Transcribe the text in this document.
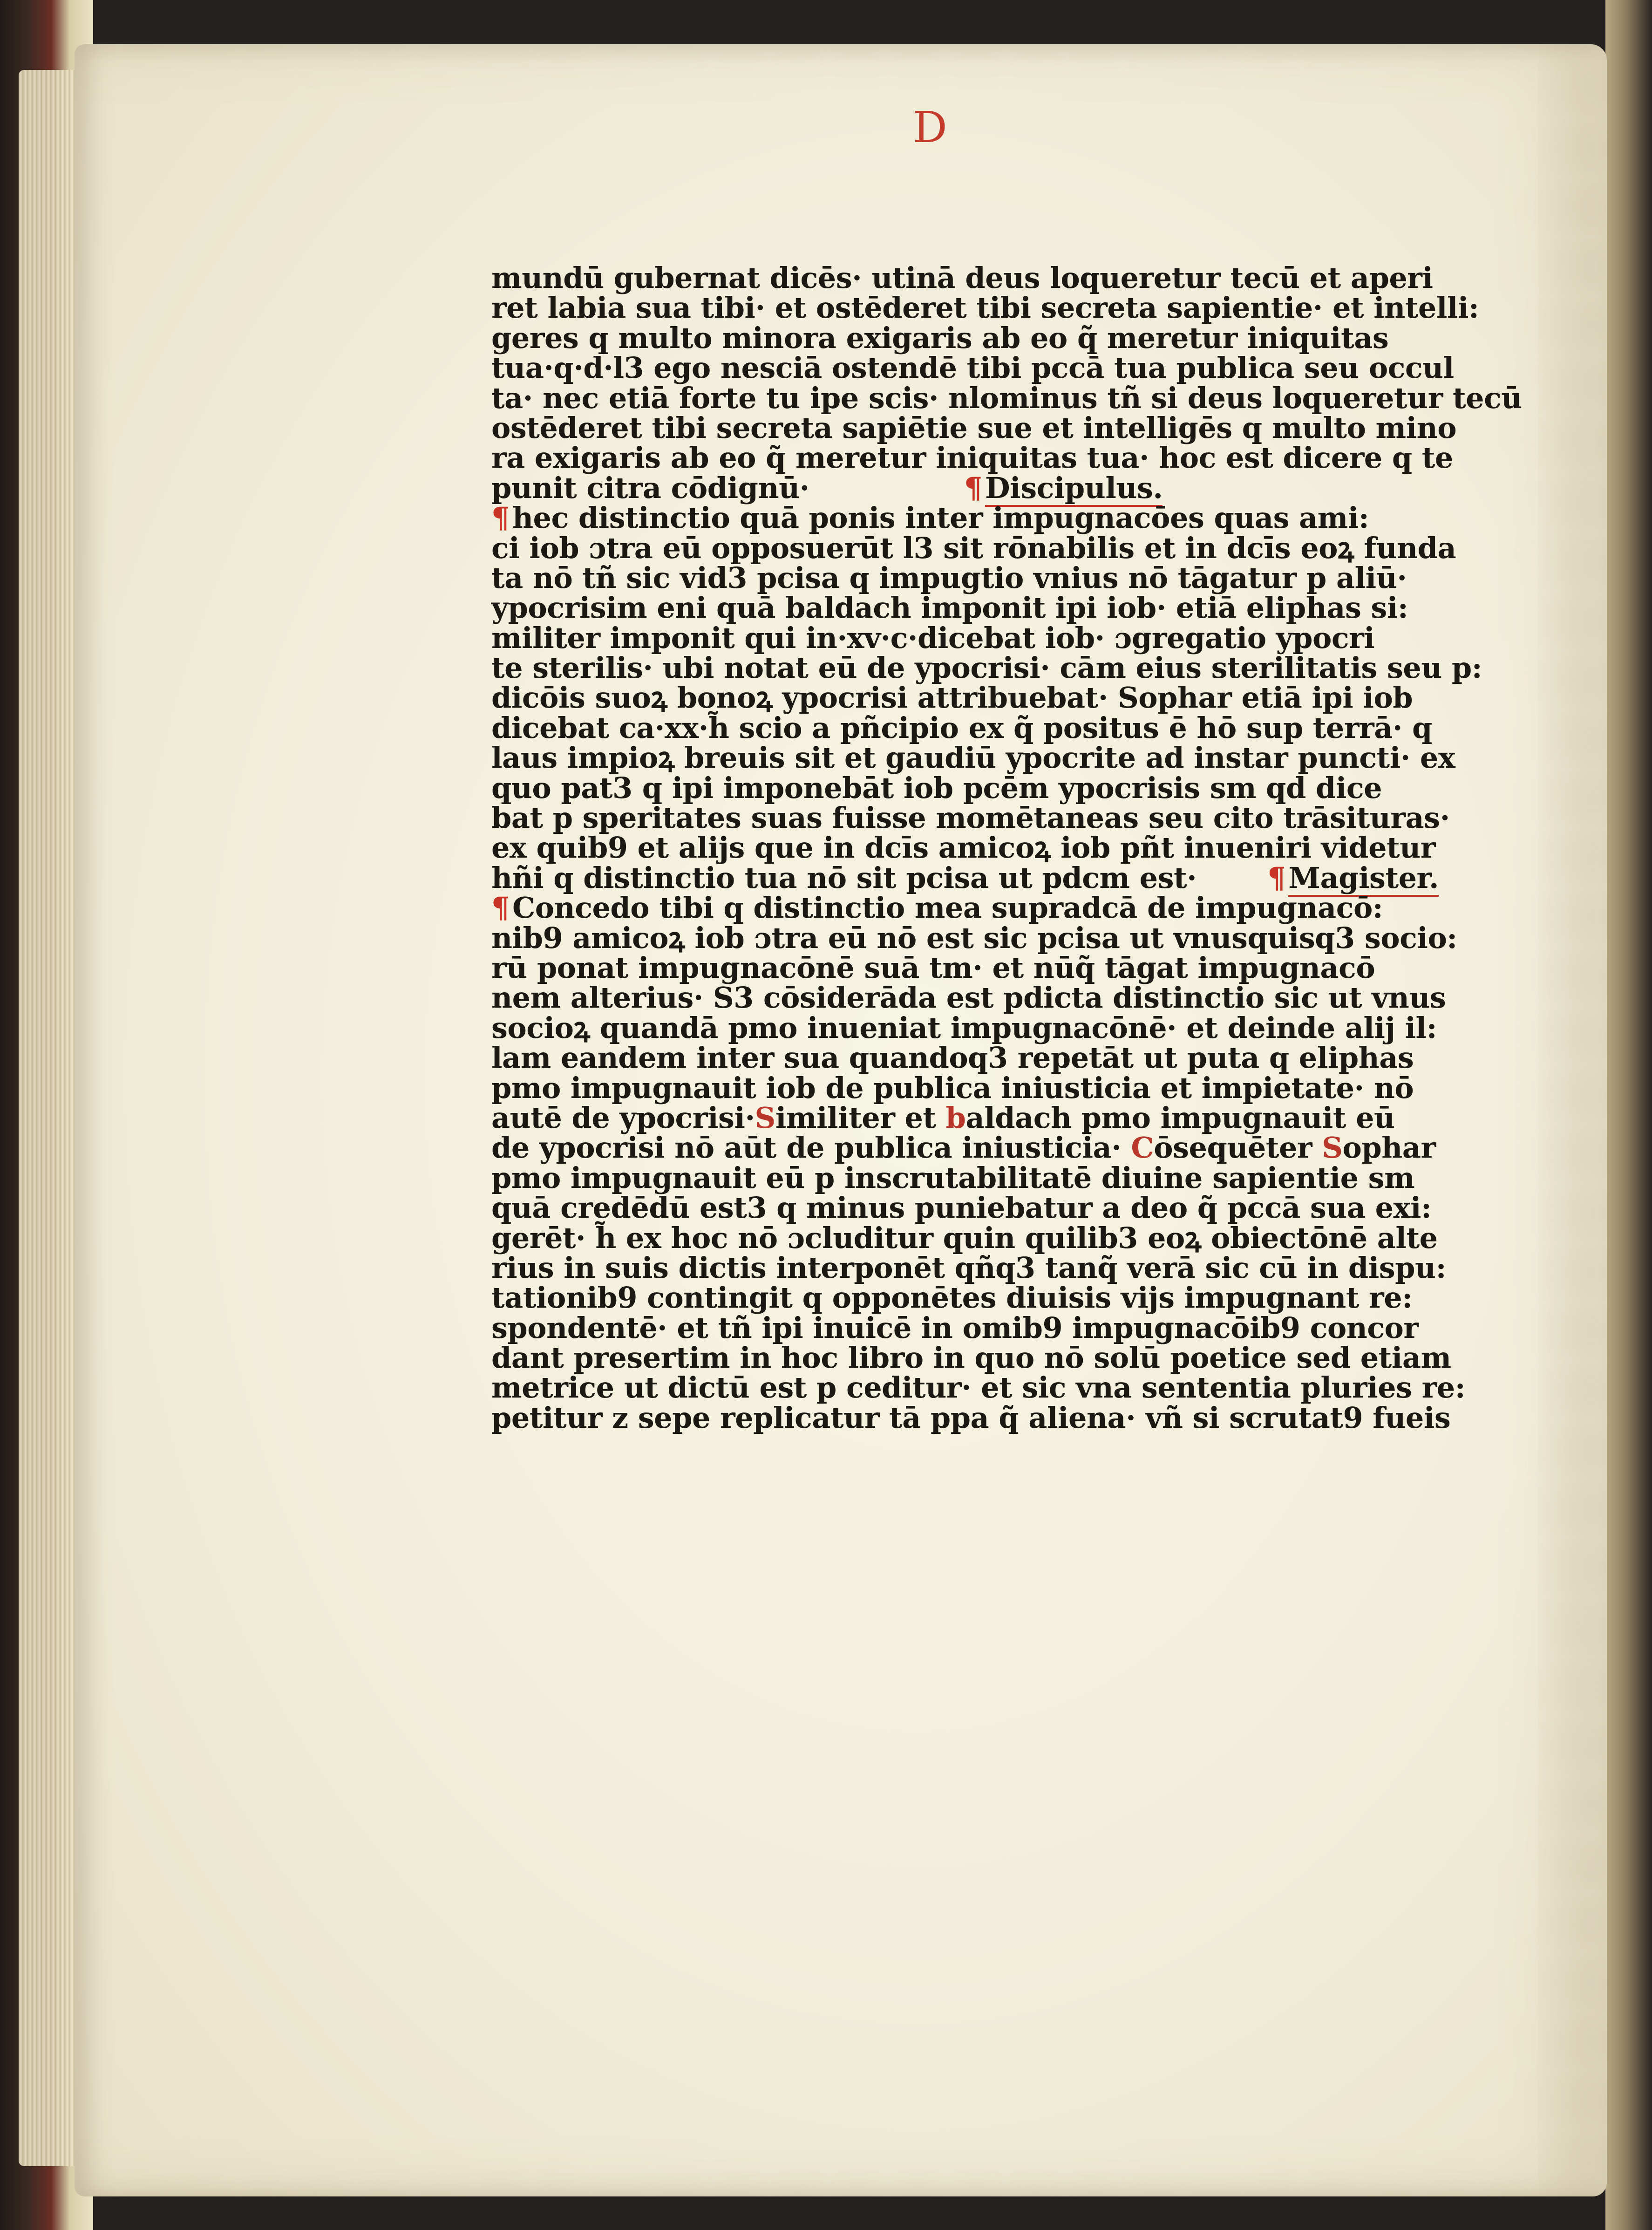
D
mundū gubernat dicēs· utinā deus loqueretur tecū et aperi
ret labia sua tibi· et ostēderet tibi secreta sapientie· et intelli:
geres q multo minora exigaris ab eo q̃ meretur iniquitas
tua·q·d·l3 ego nesciā ostendē tibi pccā tua publica seu occul
ta· nec etiā forte tu ipe scis· nlominus tñ si deus loqueretur tecū
ostēderet tibi secreta sapiētie sue et intelligēs q multo mino
ra exigaris ab eo q̃ meretur iniquitas tua· hoc est dicere q te
punit citra cōdignū·	¶Discipulus.
¶hec distinctio quā ponis inter impugnacōes quas ami:
ci iob ɔtra eū opposuerūt l3 sit rōnabilis et in dcīs eoꝝ funda
ta nō tñ sic vid3 pcisa q impugtio vnius nō tāgatur p aliū·
ypocrisim eni quā baldach imponit ipi iob· etiā eliphas si:
militer imponit qui in·xv·c·dicebat iob· ɔgregatio ypocri
te sterilis· ubi notat eū de ypocrisi· cām eius sterilitatis seu p:
dicōis suoꝝ bonoꝝ ypocrisi attribuebat· Sophar etiā ipi iob
dicebat ca·xx·h̃ scio a pñcipio ex q̃ positus ē hō sup terrā· q
laus impioꝝ breuis sit et gaudiū ypocrite ad instar puncti· ex
quo pat3 q ipi imponebāt iob pcēm ypocrisis sm qd dice
bat p speritates suas fuisse momētaneas seu cito trāsituras·
ex quib9 et alijs que in dcīs amicoꝝ iob pñt inueniri videtur
hñi q distinctio tua nō sit pcisa ut pdcm est· ¶Magister.
¶Concedo tibi q distinctio mea supradcā de impugnacō:
nib9 amicoꝝ iob ɔtra eū nō est sic pcisa ut vnusquisq3 socio:
rū ponat impugnacōnē suā tm· et nūq̃ tāgat impugnacō
nem alterius· S3 cōsiderāda est pdicta distinctio sic ut vnus
socioꝝ quandā pmo inueniat impugnacōnē· et deinde alij il:
lam eandem inter sua quandoq3 repetāt ut puta q eliphas
pmo impugnauit iob de publica iniusticia et impietate· nō
autē de ypocrisi·Similiter et baldach pmo impugnauit eū
de ypocrisi nō aūt de publica iniusticia· Cōsequēter Sophar
pmo impugnauit eū p inscrutabilitatē diuine sapientie sm
quā credēdū est3 q minus puniebatur a deo q̃ pccā sua exi:
gerēt· h̃ ex hoc nō ɔcluditur quin quilib3 eoꝝ obiectōnē alte
rius in suis dictis interponēt qñq3 tanq̃ verā sic cū in dispu:
tationib9 contingit q opponētes diuisis vijs impugnant re:
spondentē· et tñ ipi inuicē in omib9 impugnacōib9 concor
dant presertim in hoc libro in quo nō solū poetice sed etiam
metrice ut dictū est p ceditur· et sic vna sententia pluries re:
petitur z sepe replicatur tā ppa q̃ aliena· vñ si scrutat9 fueis
